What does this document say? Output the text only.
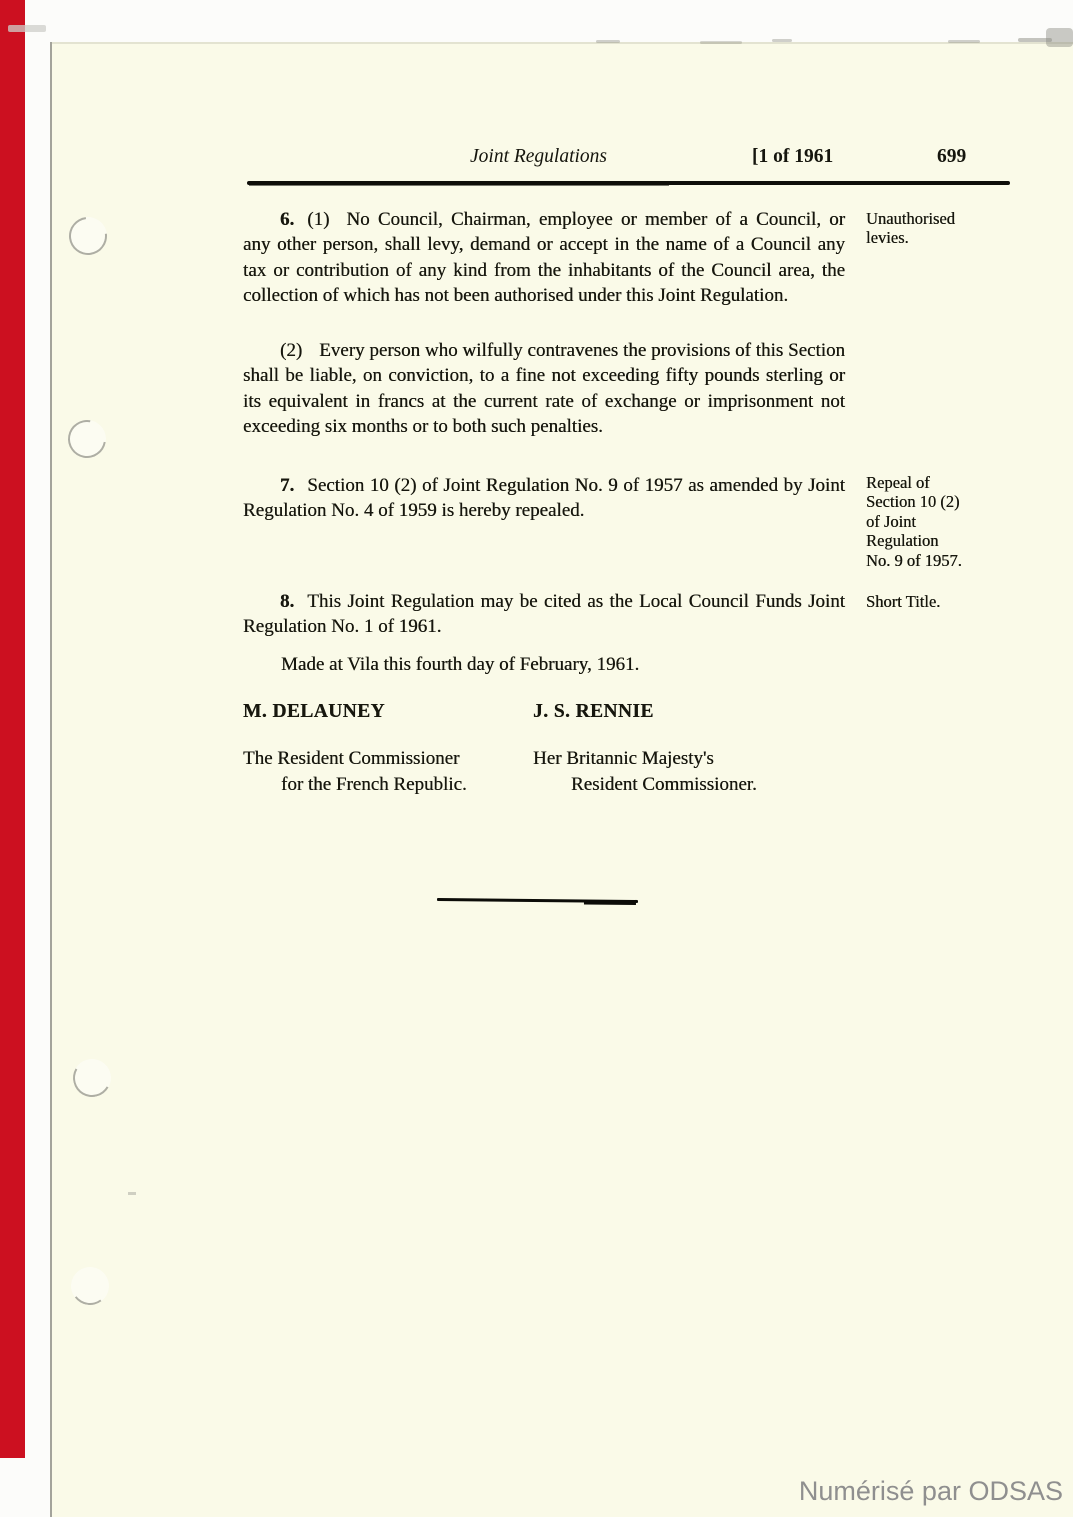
Joint Regulations	[1 of 1961	699

6. (1) No Council, Chairman, employee or member of a Council, or any other person, shall levy, demand or accept in the name of a Council any tax or contribution of any kind from the inhabitants of the Council area, the collection of which has not been authorised under this Joint Regulation.

Unauthorised levies.

(2) Every person who wilfully contravenes the provisions of this Section shall be liable, on conviction, to a fine not exceeding fifty pounds sterling or its equivalent in francs at the current rate of exchange or imprisonment not exceeding six months or to both such penalties.

7. Section 10 (2) of Joint Regulation No. 9 of 1957 as amended by Joint Regulation No. 4 of 1959 is hereby repealed.

Repeal of Section 10 (2) of Joint Regulation No. 9 of 1957.

8. This Joint Regulation may be cited as the Local Council Funds Joint Regulation No. 1 of 1961.

Short Title.

Made at Vila this fourth day of February, 1961.
M. DELAUNEY	J. S. RENNIE
The Resident Commissioner
for the French Republic.
Her Britannic Majesty's
Resident Commissioner.
Numérisé par ODSAS
